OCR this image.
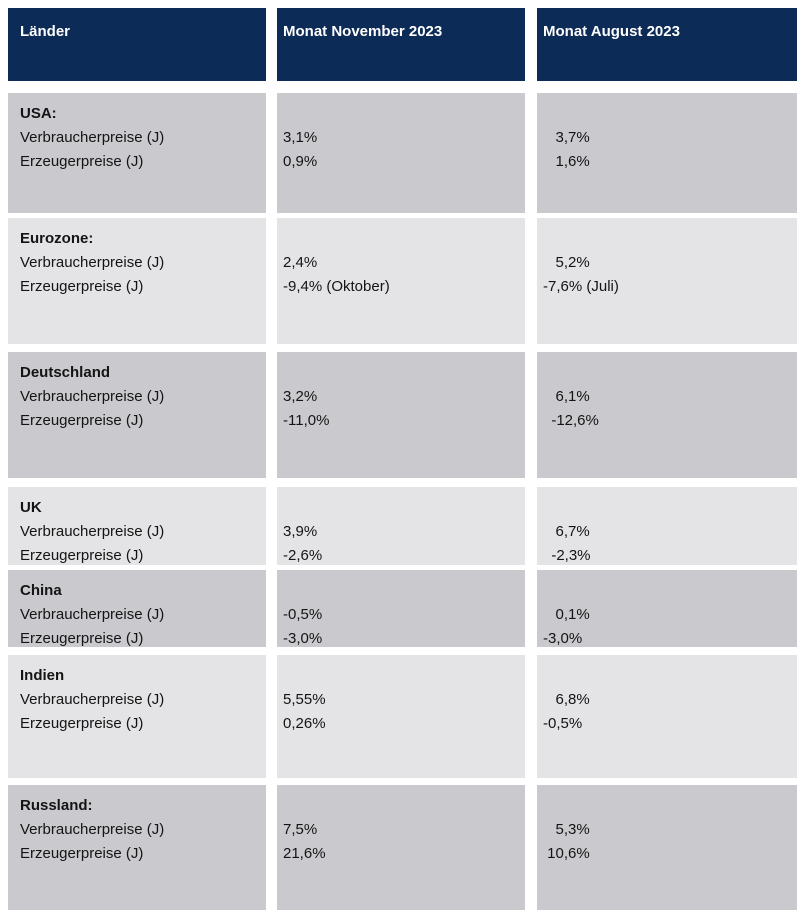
Länder	Monat November 2023	Monat August 2023
USA:
Verbraucherpreise (J)
Erzeugerpreise (J)
3,1%
0,9%
3,7%
1,6%
Eurozone:
Verbraucherpreise (J)
Erzeugerpreise (J)
2,4%
-9,4% (Oktober)
5,2%
-7,6% (Juli)
Deutschland
Verbraucherpreise (J)
Erzeugerpreise (J)
3,2%
-11,0%
6,1%
-12,6%
UK
Verbraucherpreise (J)
Erzeugerpreise (J)
3,9%
-2,6%
6,7%
-2,3%
China
Verbraucherpreise (J)
Erzeugerpreise (J)
-0,5%
-3,0%
0,1%
-3,0%
Indien
Verbraucherpreise (J)
Erzeugerpreise (J)
5,55%
0,26%
6,8%
-0,5%
Russland:
Verbraucherpreise (J)
Erzeugerpreise (J)
7,5%
21,6%
5,3%
10,6%
